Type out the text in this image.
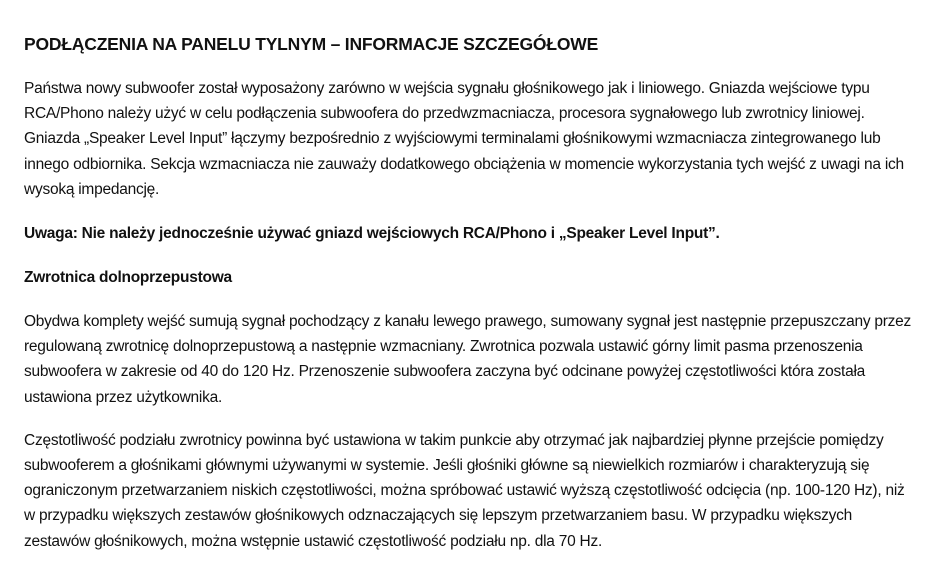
PODŁĄCZENIA NA PANELU TYLNYM – INFORMACJE SZCZEGÓŁOWE

Państwa nowy subwoofer został wyposażony zarówno w wejścia sygnału głośnikowego jak i liniowego. Gniazda wejściowe typu RCA/Phono należy użyć w celu podłączenia subwoofera do przedwzmacniacza, procesora sygnałowego lub zwrotnicy liniowej. Gniazda „Speaker Level Input” łączymy bezpośrednio z wyjściowymi terminalami głośnikowymi wzmacniacza zintegrowanego lub innego odbiornika. Sekcja wzmacniacza nie zauważy dodatkowego obciążenia w momencie wykorzystania tych wejść z uwagi na ich wysoką impedancję.

Uwaga: Nie należy jednocześnie używać gniazd wejściowych RCA/Phono i „Speaker Level Input”.

Zwrotnica dolnoprzepustowa

Obydwa komplety wejść sumują sygnał pochodzący z kanału lewego prawego, sumowany sygnał jest następnie przepuszczany przez regulowaną zwrotnicę dolnoprzepustową a następnie wzmacniany. Zwrotnica pozwala ustawić górny limit pasma przenoszenia subwoofera w zakresie od 40 do 120 Hz. Przenoszenie subwoofera zaczyna być odcinane powyżej częstotliwości która została ustawiona przez użytkownika.

Częstotliwość podziału zwrotnicy powinna być ustawiona w takim punkcie aby otrzymać jak najbardziej płynne przejście pomiędzy subwooferem a głośnikami głównymi używanymi w systemie. Jeśli głośniki główne są niewielkich rozmiarów i charakteryzują się ograniczonym przetwarzaniem niskich częstotliwości, można spróbować ustawić wyższą częstotliwość odcięcia (np. 100-120 Hz), niż w przypadku większych zestawów głośnikowych odznaczających się lepszym przetwarzaniem basu. W przypadku większych zestawów głośnikowych, można wstępnie ustawić częstotliwość podziału np. dla 70 Hz.
